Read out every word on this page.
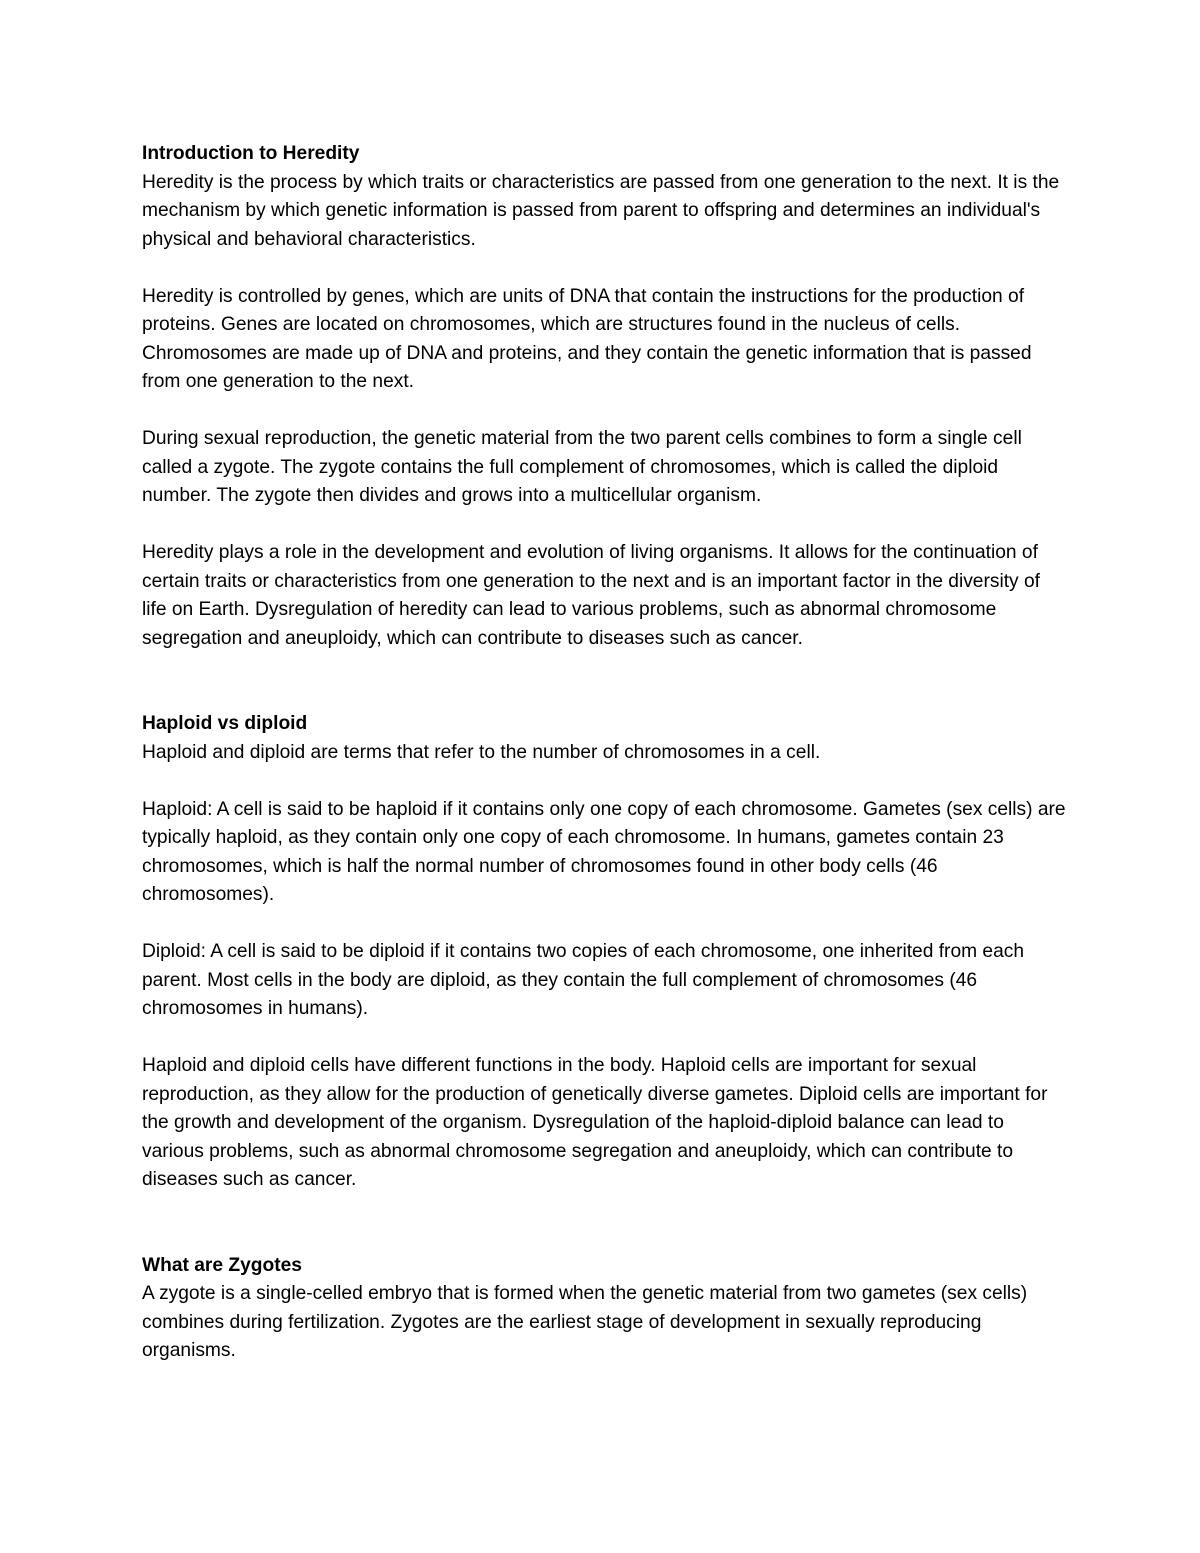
Introduction to Heredity

Heredity is the process by which traits or characteristics are passed from one generation to the next. It is the mechanism by which genetic information is passed from parent to offspring and determines an individual's physical and behavioral characteristics.

Heredity is controlled by genes, which are units of DNA that contain the instructions for the production of proteins. Genes are located on chromosomes, which are structures found in the nucleus of cells. Chromosomes are made up of DNA and proteins, and they contain the genetic information that is passed from one generation to the next.

During sexual reproduction, the genetic material from the two parent cells combines to form a single cell called a zygote. The zygote contains the full complement of chromosomes, which is called the diploid number. The zygote then divides and grows into a multicellular organism.

Heredity plays a role in the development and evolution of living organisms. It allows for the continuation of certain traits or characteristics from one generation to the next and is an important factor in the diversity of life on Earth. Dysregulation of heredity can lead to various problems, such as abnormal chromosome segregation and aneuploidy, which can contribute to diseases such as cancer.

Haploid vs diploid

Haploid and diploid are terms that refer to the number of chromosomes in a cell.

Haploid: A cell is said to be haploid if it contains only one copy of each chromosome. Gametes (sex cells) are typically haploid, as they contain only one copy of each chromosome. In humans, gametes contain 23 chromosomes, which is half the normal number of chromosomes found in other body cells (46 chromosomes).

Diploid: A cell is said to be diploid if it contains two copies of each chromosome, one inherited from each parent. Most cells in the body are diploid, as they contain the full complement of chromosomes (46 chromosomes in humans).

Haploid and diploid cells have different functions in the body. Haploid cells are important for sexual reproduction, as they allow for the production of genetically diverse gametes. Diploid cells are important for the growth and development of the organism. Dysregulation of the haploid-diploid balance can lead to various problems, such as abnormal chromosome segregation and aneuploidy, which can contribute to diseases such as cancer.

What are Zygotes

A zygote is a single-celled embryo that is formed when the genetic material from two gametes (sex cells) combines during fertilization. Zygotes are the earliest stage of development in sexually reproducing organisms.
